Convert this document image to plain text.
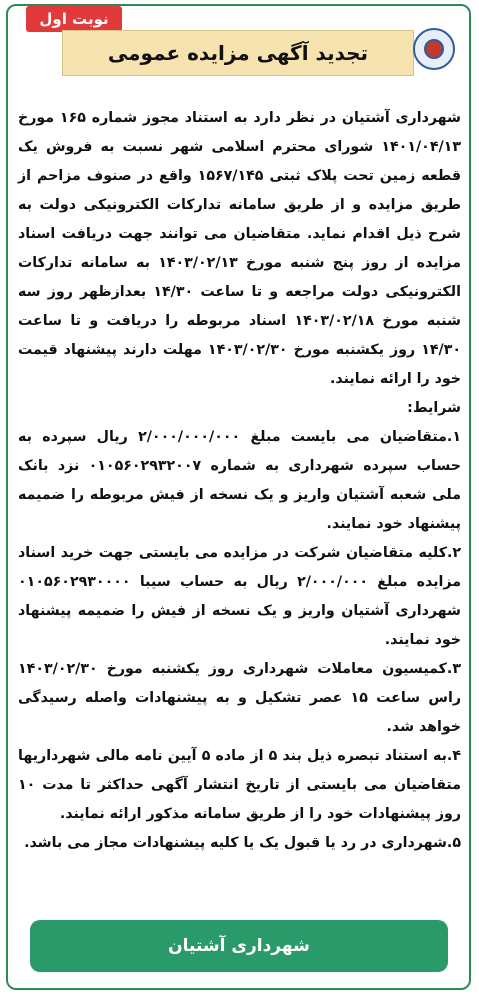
نوبت اول
تجدید آگهی مزایده عمومی

شهرداری آشتیان در نظر دارد به استناد مجوز شماره ۱۶۵ مورخ ۱۴۰۱/۰۴/۱۳ شورای محترم اسلامی شهر نسبت به فروش یک قطعه زمین تحت پلاک ثبتی ۱۵۶۷/۱۴۵ واقع در صنوف مزاحم از طریق مزایده و از طریق سامانه تدارکات الکترونیکی دولت به شرح ذیل اقدام نماید. متقاضیان می توانند جهت دریافت اسناد مزایده از روز پنج شنبه مورخ ۱۴۰۳/۰۲/۱۳ به سامانه تدارکات الکترونیکی دولت مراجعه و تا ساعت ۱۴/۳۰ بعدازظهر روز سه شنبه مورخ ۱۴۰۳/۰۲/۱۸ اسناد مربوطه را دریافت و تا ساعت ۱۴/۳۰ روز یکشنبه مورخ ۱۴۰۳/۰۲/۳۰ مهلت دارند پیشنهاد قیمت خود را ارائه نمایند.

شرایط:

۱.متقاضیان می بایست مبلغ ۲/۰۰۰/۰۰۰/۰۰۰ ریال سپرده به حساب سپرده شهرداری به شماره ۰۱۰۵۶۰۲۹۳۲۰۰۷ نزد بانک ملی شعبه آشتیان واریز و یک نسخه از فیش مربوطه را ضمیمه پیشنهاد خود نمایند.

۲.کلیه متقاضیان شرکت در مزایده می بایستی جهت خرید اسناد مزایده مبلغ ۲/۰۰۰/۰۰۰ ریال به حساب سیبا ۰۱۰۵۶۰۲۹۳۰۰۰۰ شهرداری آشتیان واریز و یک نسخه از فیش را ضمیمه پیشنهاد خود نمایند.

۳.کمیسیون معاملات شهرداری روز یکشنبه مورخ ۱۴۰۳/۰۲/۳۰ راس ساعت ۱۵ عصر تشکیل و به پیشنهادات واصله رسیدگی خواهد شد.

۴.به استناد تبصره ذیل بند ۵ از ماده ۵ آیین نامه مالی شهرداریها متقاضیان می بایستی از تاریخ انتشار آگهی حداکثر تا مدت ۱۰ روز پیشنهادات خود را از طریق سامانه مذکور ارائه نمایند.

۵.شهرداری در رد یا قبول یک یا کلیه پیشنهادات مجاز می باشد.

شهرداری آشتیان
